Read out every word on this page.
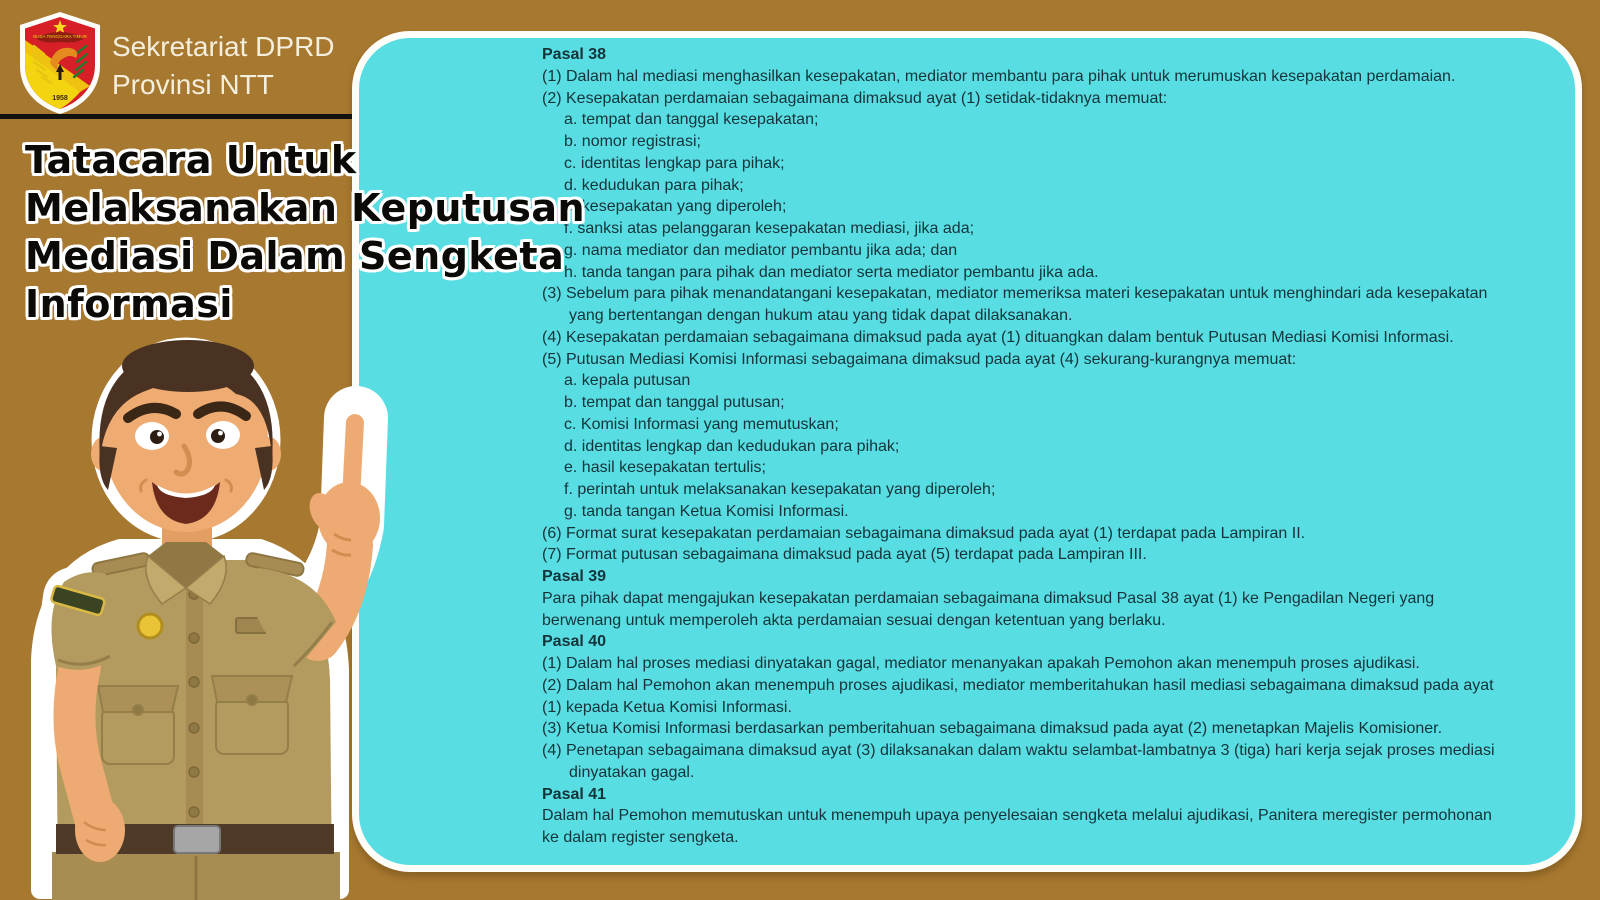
Pasal 38
(1) Dalam hal mediasi menghasilkan kesepakatan, mediator membantu para pihak untuk merumuskan kesepakatan perdamaian.
(2) Kesepakatan perdamaian sebagaimana dimaksud ayat (1) setidak-tidaknya memuat:
a. tempat dan tanggal kesepakatan;
b. nomor registrasi;
c. identitas lengkap para pihak;
d. kedudukan para pihak;
e. kesepakatan yang diperoleh;
f. sanksi atas pelanggaran kesepakatan mediasi, jika ada;
g. nama mediator dan mediator pembantu jika ada; dan
h. tanda tangan para pihak dan mediator serta mediator pembantu jika ada.
(3) Sebelum para pihak menandatangani kesepakatan, mediator memeriksa materi kesepakatan untuk menghindari ada kesepakatan
yang bertentangan dengan hukum atau yang tidak dapat dilaksanakan.
(4) Kesepakatan perdamaian sebagaimana dimaksud pada ayat (1) dituangkan dalam bentuk Putusan Mediasi Komisi Informasi.
(5) Putusan Mediasi Komisi Informasi sebagaimana dimaksud pada ayat (4) sekurang-kurangnya memuat:
a. kepala putusan
b. tempat dan tanggal putusan;
c. Komisi Informasi yang memutuskan;
d. identitas lengkap dan kedudukan para pihak;
e. hasil kesepakatan tertulis;
f. perintah untuk melaksanakan kesepakatan yang diperoleh;
g. tanda tangan Ketua Komisi Informasi.
(6) Format surat kesepakatan perdamaian sebagaimana dimaksud pada ayat (1) terdapat pada Lampiran II.
(7) Format putusan sebagaimana dimaksud pada ayat (5) terdapat pada Lampiran III.
Pasal 39
Para pihak dapat mengajukan kesepakatan perdamaian sebagaimana dimaksud Pasal 38 ayat (1) ke Pengadilan Negeri yang
berwenang untuk memperoleh akta perdamaian sesuai dengan ketentuan yang berlaku.
Pasal 40
(1) Dalam hal proses mediasi dinyatakan gagal, mediator menanyakan apakah Pemohon akan menempuh proses ajudikasi.
(2) Dalam hal Pemohon akan menempuh proses ajudikasi, mediator memberitahukan hasil mediasi sebagaimana dimaksud pada ayat
(1) kepada Ketua Komisi Informasi.
(3) Ketua Komisi Informasi berdasarkan pemberitahuan sebagaimana dimaksud pada ayat (2) menetapkan Majelis Komisioner.
(4) Penetapan sebagaimana dimaksud ayat (3) dilaksanakan dalam waktu selambat-lambatnya 3 (tiga) hari kerja sejak proses mediasi
dinyatakan gagal.
Pasal 41
Dalam hal Pemohon memutuskan untuk menempuh upaya penyelesaian sengketa melalui ajudikasi, Panitera meregister permohonan
ke dalam register sengketa.
NUSA TENGGARA TIMUR
1958
Sekretariat DPRD
Provinsi NTT
Tatacara Untuk
Melaksanakan Keputusan
Mediasi Dalam Sengketa
Informasi
